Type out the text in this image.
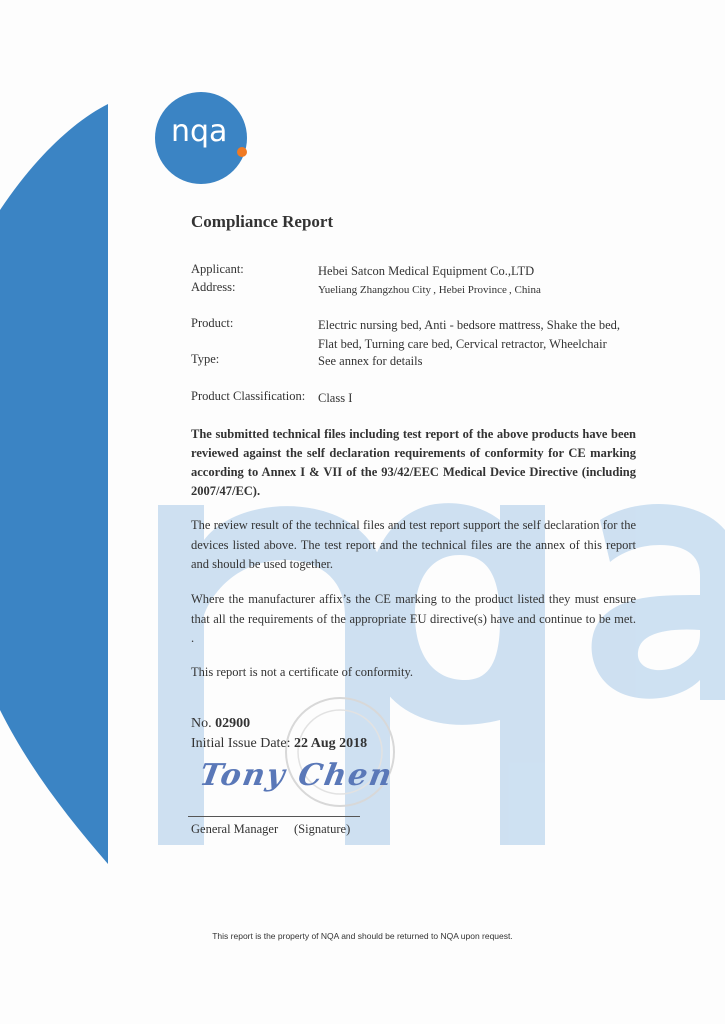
nqa
Compliance Report
Applicant:	Hebei Satcon Medical Equipment Co.,LTD
Address:	Yueliang Zhangzhou City , Hebei Province , China
Product:	Electric nursing bed, Anti - bedsore mattress, Shake the bed,
Flat bed, Turning care bed, Cervical retractor, Wheelchair
Type:	See annex for details
Product Classification: Class I
The submitted technical files including test report of the above products have been reviewed against the self declaration requirements of conformity for CE marking according to Annex I & VII of the 93/42/EEC Medical Device Directive (including 2007/47/EC).
The review result of the technical files and test report support the self declaration for the devices listed above. The test report and the technical files are the annex of this report and should be used together.
Where the manufacturer affix’s the CE marking to the product listed they must ensure that all the requirements of the appropriate EU directive(s) have and continue to be met. .
This report is not a certificate of conformity.
No. 02900
Initial Issue Date: 22 Aug 2018
Tony Chen
General Manager (Signature)
This report is the property of NQA and should be returned to NQA upon request.
